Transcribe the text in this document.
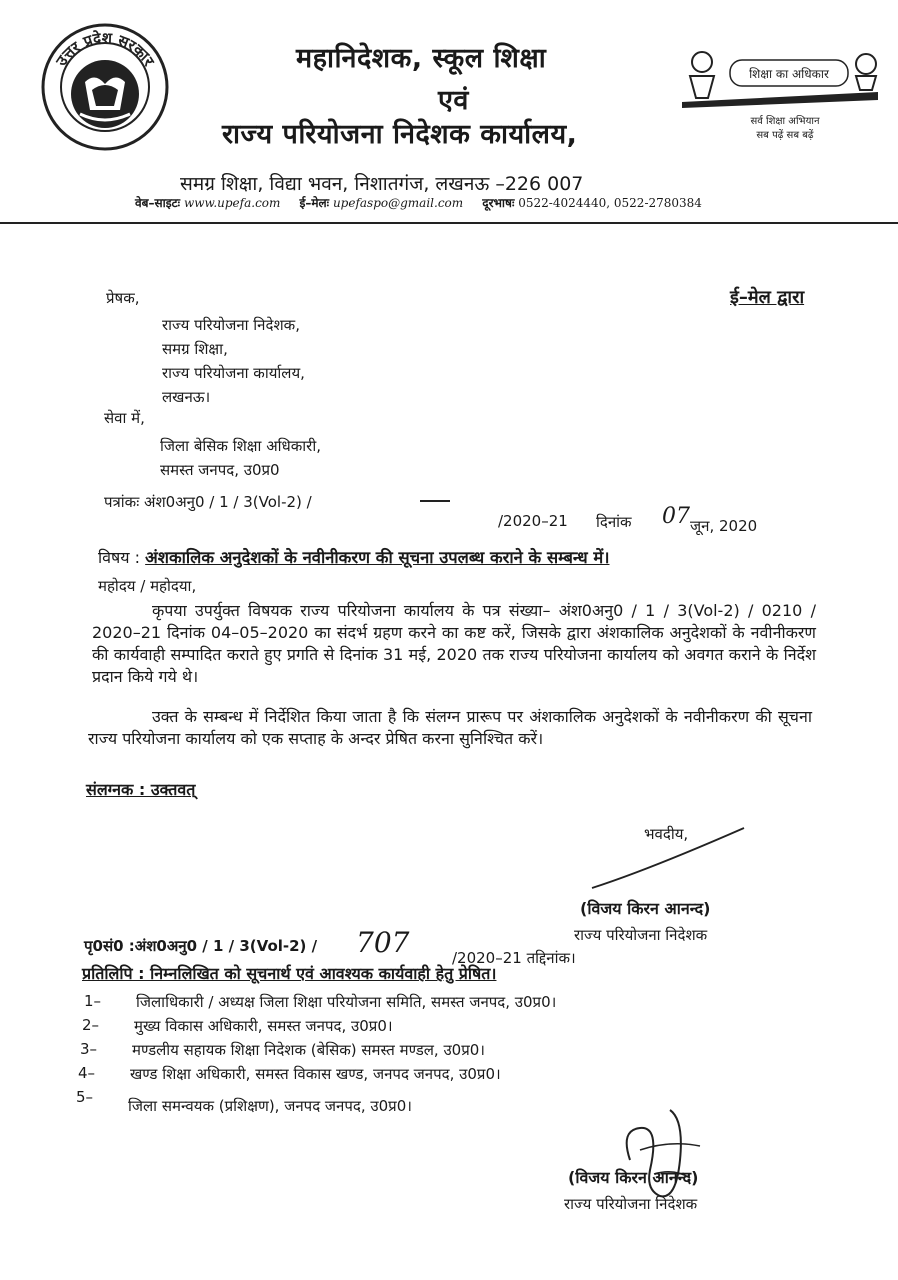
उत्तर प्रदेश सरकार	महानिदेशक, स्कूल शिक्षा
एवं
राज्य परियोजना निदेशक कार्यालय,
समग्र शिक्षा, विद्या भवन, निशातगंज, लखनऊ –226 007
शिक्षा का अधिकार
सर्व शिक्षा अभियान
सब पढ़ें सब बढ़ें
वेब–साइटः www.upefa.com ई–मेलः upefaspo@gmail.com दूरभाषः 0522-4024440, 0522-2780384
ई–मेल द्वारा
प्रेषक,
राज्य परियोजना निदेशक,
समग्र शिक्षा,
राज्य परियोजना कार्यालय,
लखनऊ।
सेवा में,
जिला बेसिक शिक्षा अधिकारी,
समस्त जनपद, उ0प्र0
पत्रांकः अंश0अनु0 / 1 / 3(Vol-2) /
/2020–21 दिनांक 07 जून, 2020
विषय : अंशकालिक अनुदेशकों के नवीनीकरण की सूचना उपलब्ध कराने के सम्बन्ध में।
महोदय / महोदया,
कृपया उपर्युक्त विषयक राज्य परियोजना कार्यालय के पत्र संख्या– अंश0अनु0 / 1 / 3(Vol-2) / 0210 / 2020–21 दिनांक 04–05–2020 का संदर्भ ग्रहण करने का कष्ट करें, जिसके द्वारा अंशकालिक अनुदेशकों के नवीनीकरण की कार्यवाही सम्पादित कराते हुए प्रगति से दिनांक 31 मई, 2020 तक राज्य परियोजना कार्यालय को अवगत कराने के निर्देश प्रदान किये गये थे।
उक्त के सम्बन्ध में निर्देशित किया जाता है कि संलग्न प्रारूप पर अंशकालिक अनुदेशकों के नवीनीकरण की सूचना राज्य परियोजना कार्यालय को एक सप्ताह के अन्दर प्रेषित करना सुनिश्चित करें।
संलग्नक : उक्तवत्
भवदीय,
(विजय किरन आनन्द)
राज्य परियोजना निदेशक
पृ0सं0 :अंश0अनु0 / 1 / 3(Vol-2) / 707	/2020–21 तद्दिनांक।
प्रतिलिपि : निम्नलिखित को सूचनार्थ एवं आवश्यक कार्यवाही हेतु प्रेषित।
1– जिलाधिकारी / अध्यक्ष जिला शिक्षा परियोजना समिति, समस्त जनपद, उ0प्र0।
2– मुख्य विकास अधिकारी, समस्त जनपद, उ0प्र0।
3– मण्डलीय सहायक शिक्षा निदेशक (बेसिक) समस्त मण्डल, उ0प्र0।
4– खण्ड शिक्षा अधिकारी, समस्त विकास खण्ड, जनपद जनपद, उ0प्र0।
5– जिला समन्वयक (प्रशिक्षण), जनपद जनपद, उ0प्र0।
(विजय किरन आनन्द)
राज्य परियोजना निदेशक
